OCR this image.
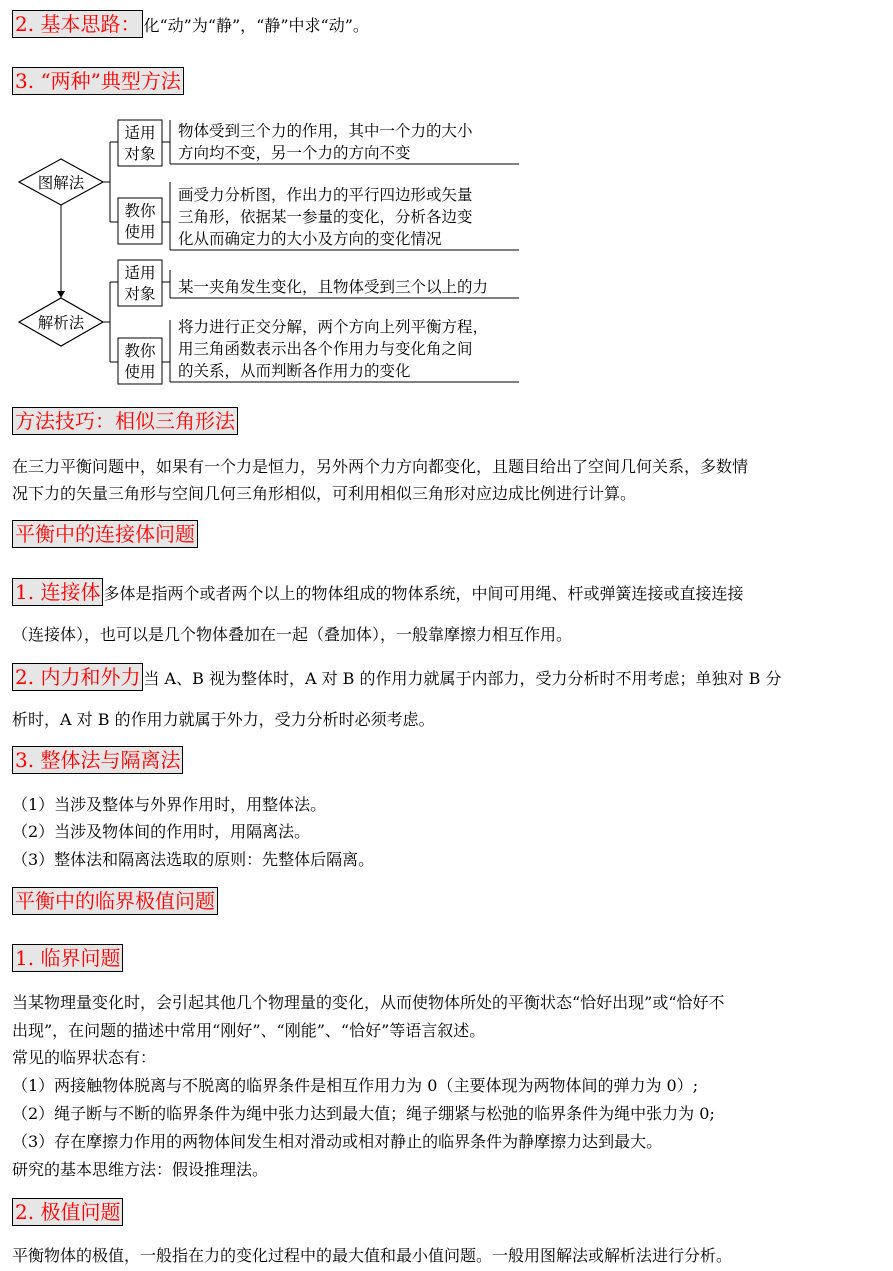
2. 基本思路： 化“动”为“静”，“静”中求“动”。
3. “两种”典型方法
图解法
解析法
适用
对象
物体受到三个力的作用，其中一个力的大小
方向均不变，另一个力的方向不变
教你
使用
画受力分析图，作出力的平行四边形或矢量
三角形，依据某一参量的变化，分析各边变
化从而确定力的大小及方向的变化情况
适用
对象 某一夹角发生变化，且物体受到三个以上的力
教你
使用
将力进行正交分解，两个方向上列平衡方程，
用三角函数表示出各个作用力与变化角之间
的关系，从而判断各作用力的变化
方法技巧：相似三角形法
在三力平衡问题中，如果有一个力是恒力，另外两个力方向都变化，且题目给出了空间几何关系，多数情
况下力的矢量三角形与空间几何三角形相似，可利用相似三角形对应边成比例进行计算。
平衡中的连接体问题
1. 连接体 多体是指两个或者两个以上的物体组成的物体系统，中间可用绳、杆或弹簧连接或直接连接
（连接体），也可以是几个物体叠加在一起（叠加体），一般靠摩擦力相互作用。
2. 内力和外力 当 A、B 视为整体时，A 对 B 的作用力就属于内部力，受力分析时不用考虑；单独对 B 分
析时，A 对 B 的作用力就属于外力，受力分析时必须考虑。
3. 整体法与隔离法
（1）当涉及整体与外界作用时，用整体法。
（2）当涉及物体间的作用时，用隔离法。
（3）整体法和隔离法选取的原则：先整体后隔离。
平衡中的临界极值问题
1. 临界问题
当某物理量变化时，会引起其他几个物理量的变化，从而使物体所处的平衡状态“恰好出现”或“恰好不
出现”，在问题的描述中常用“刚好”、“刚能”、“恰好”等语言叙述。
常见的临界状态有：
（1）两接触物体脱离与不脱离的临界条件是相互作用力为 0（主要体现为两物体间的弹力为 0）;
（2）绳子断与不断的临界条件为绳中张力达到最大值；绳子绷紧与松弛的临界条件为绳中张力为 0;
（3）存在摩擦力作用的两物体间发生相对滑动或相对静止的临界条件为静摩擦力达到最大。
研究的基本思维方法：假设推理法。
2. 极值问题
平衡物体的极值，一般指在力的变化过程中的最大值和最小值问题。一般用图解法或解析法进行分析。
